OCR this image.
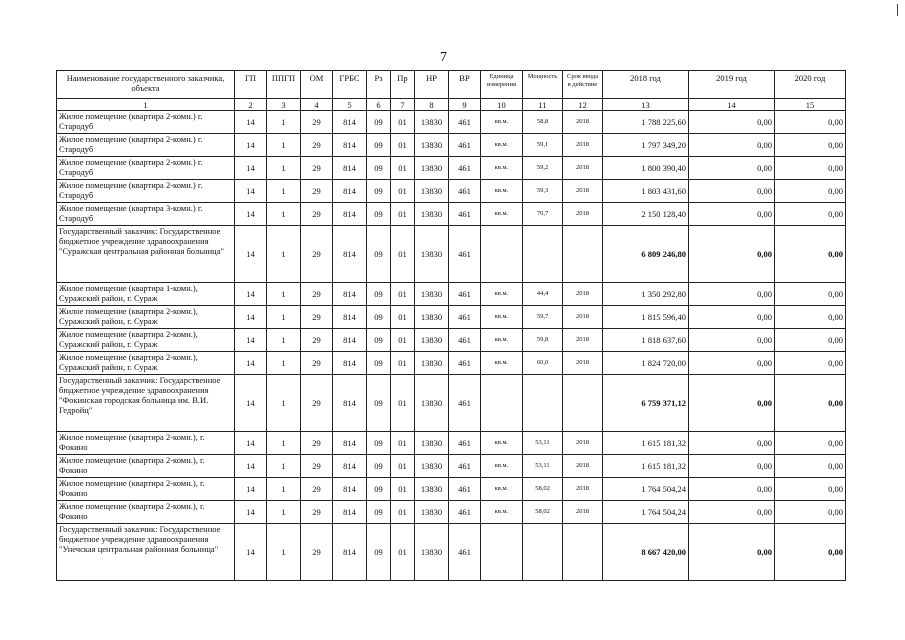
7
Наименование государственного заказчика, объекта	ГП	ППГП	ОМ	ГРБС	Рз	Пр	НР	ВР	Единица измерения	Мощность	Срок ввода в действие	2018 год	2019 год	2020 год
1	2	3	4	5	6	7	8	9	10	11	12	13	14	15
Жилое помещение (квартира 2-комн.) г. Стародуб	14	1	29	814	09	01	13830	461	кв.м.	58,8	2018	1 788 225,60	0,00	0,00
Жилое помещение (квартира 2-комн.) г. Стародуб	14	1	29	814	09	01	13830	461	кв.м.	59,1	2018	1 797 349,20	0,00	0,00
Жилое помещение (квартира 2-комн.) г. Стародуб	14	1	29	814	09	01	13830	461	кв.м.	59,2	2018	1 800 390,40	0,00	0,00
Жилое помещение (квартира 2-комн.) г. Стародуб	14	1	29	814	09	01	13830	461	кв.м.	59,3	2018	1 803 431,60	0,00	0,00
Жилое помещение (квартира 3-комн.) г. Стародуб	14	1	29	814	09	01	13830	461	кв.м.	70,7	2018	2 150 128,40	0,00	0,00
Государственный заказчик: Государственное бюджетное учреждение здравоохранения "Суражская центральная районная больница"	14	1	29	814	09	01	13830	461				6 809 246,80	0,00	0,00
Жилое помещение (квартира 1-комн.), Суражский район, г. Сураж	14	1	29	814	09	01	13830	461	кв.м.	44,4	2018	1 350 292,80	0,00	0,00
Жилое помещение (квартира 2-комн.), Суражский район, г. Сураж	14	1	29	814	09	01	13830	461	кв.м.	59,7	2018	1 815 596,40	0,00	0,00
Жилое помещение (квартира 2-комн.), Суражский район, г. Сураж	14	1	29	814	09	01	13830	461	кв.м.	59,8	2018	1 818 637,60	0,00	0,00
Жилое помещение (квартира 2-комн.), Суражский район, г. Сураж	14	1	29	814	09	01	13830	461	кв.м.	60,0	2018	1 824 720,00	0,00	0,00
Государственный заказчик: Государственное бюджетное учреждение здравоохранения "Фокинская городская больница им. В.И. Гедройц"	14	1	29	814	09	01	13830	461				6 759 371,12	0,00	0,00
Жилое помещение (квартира 2-комн.), г. Фокино	14	1	29	814	09	01	13830	461	кв.м.	53,11	2018	1 615 181,32	0,00	0,00
Жилое помещение (квартира 2-комн.), г. Фокино	14	1	29	814	09	01	13830	461	кв.м.	53,11	2018	1 615 181,32	0,00	0,00
Жилое помещение (квартира 2-комн.), г. Фокино	14	1	29	814	09	01	13830	461	кв.м.	58,02	2018	1 764 504,24	0,00	0,00
Жилое помещение (квартира 2-комн.), г. Фокино	14	1	29	814	09	01	13830	461	кв.м.	58,02	2018	1 764 504,24	0,00	0,00
Государственный заказчик: Государственное бюджетное учреждение здравоохранения "Унечская центральная районная больница"	14	1	29	814	09	01	13830	461				8 667 420,00	0,00	0,00
